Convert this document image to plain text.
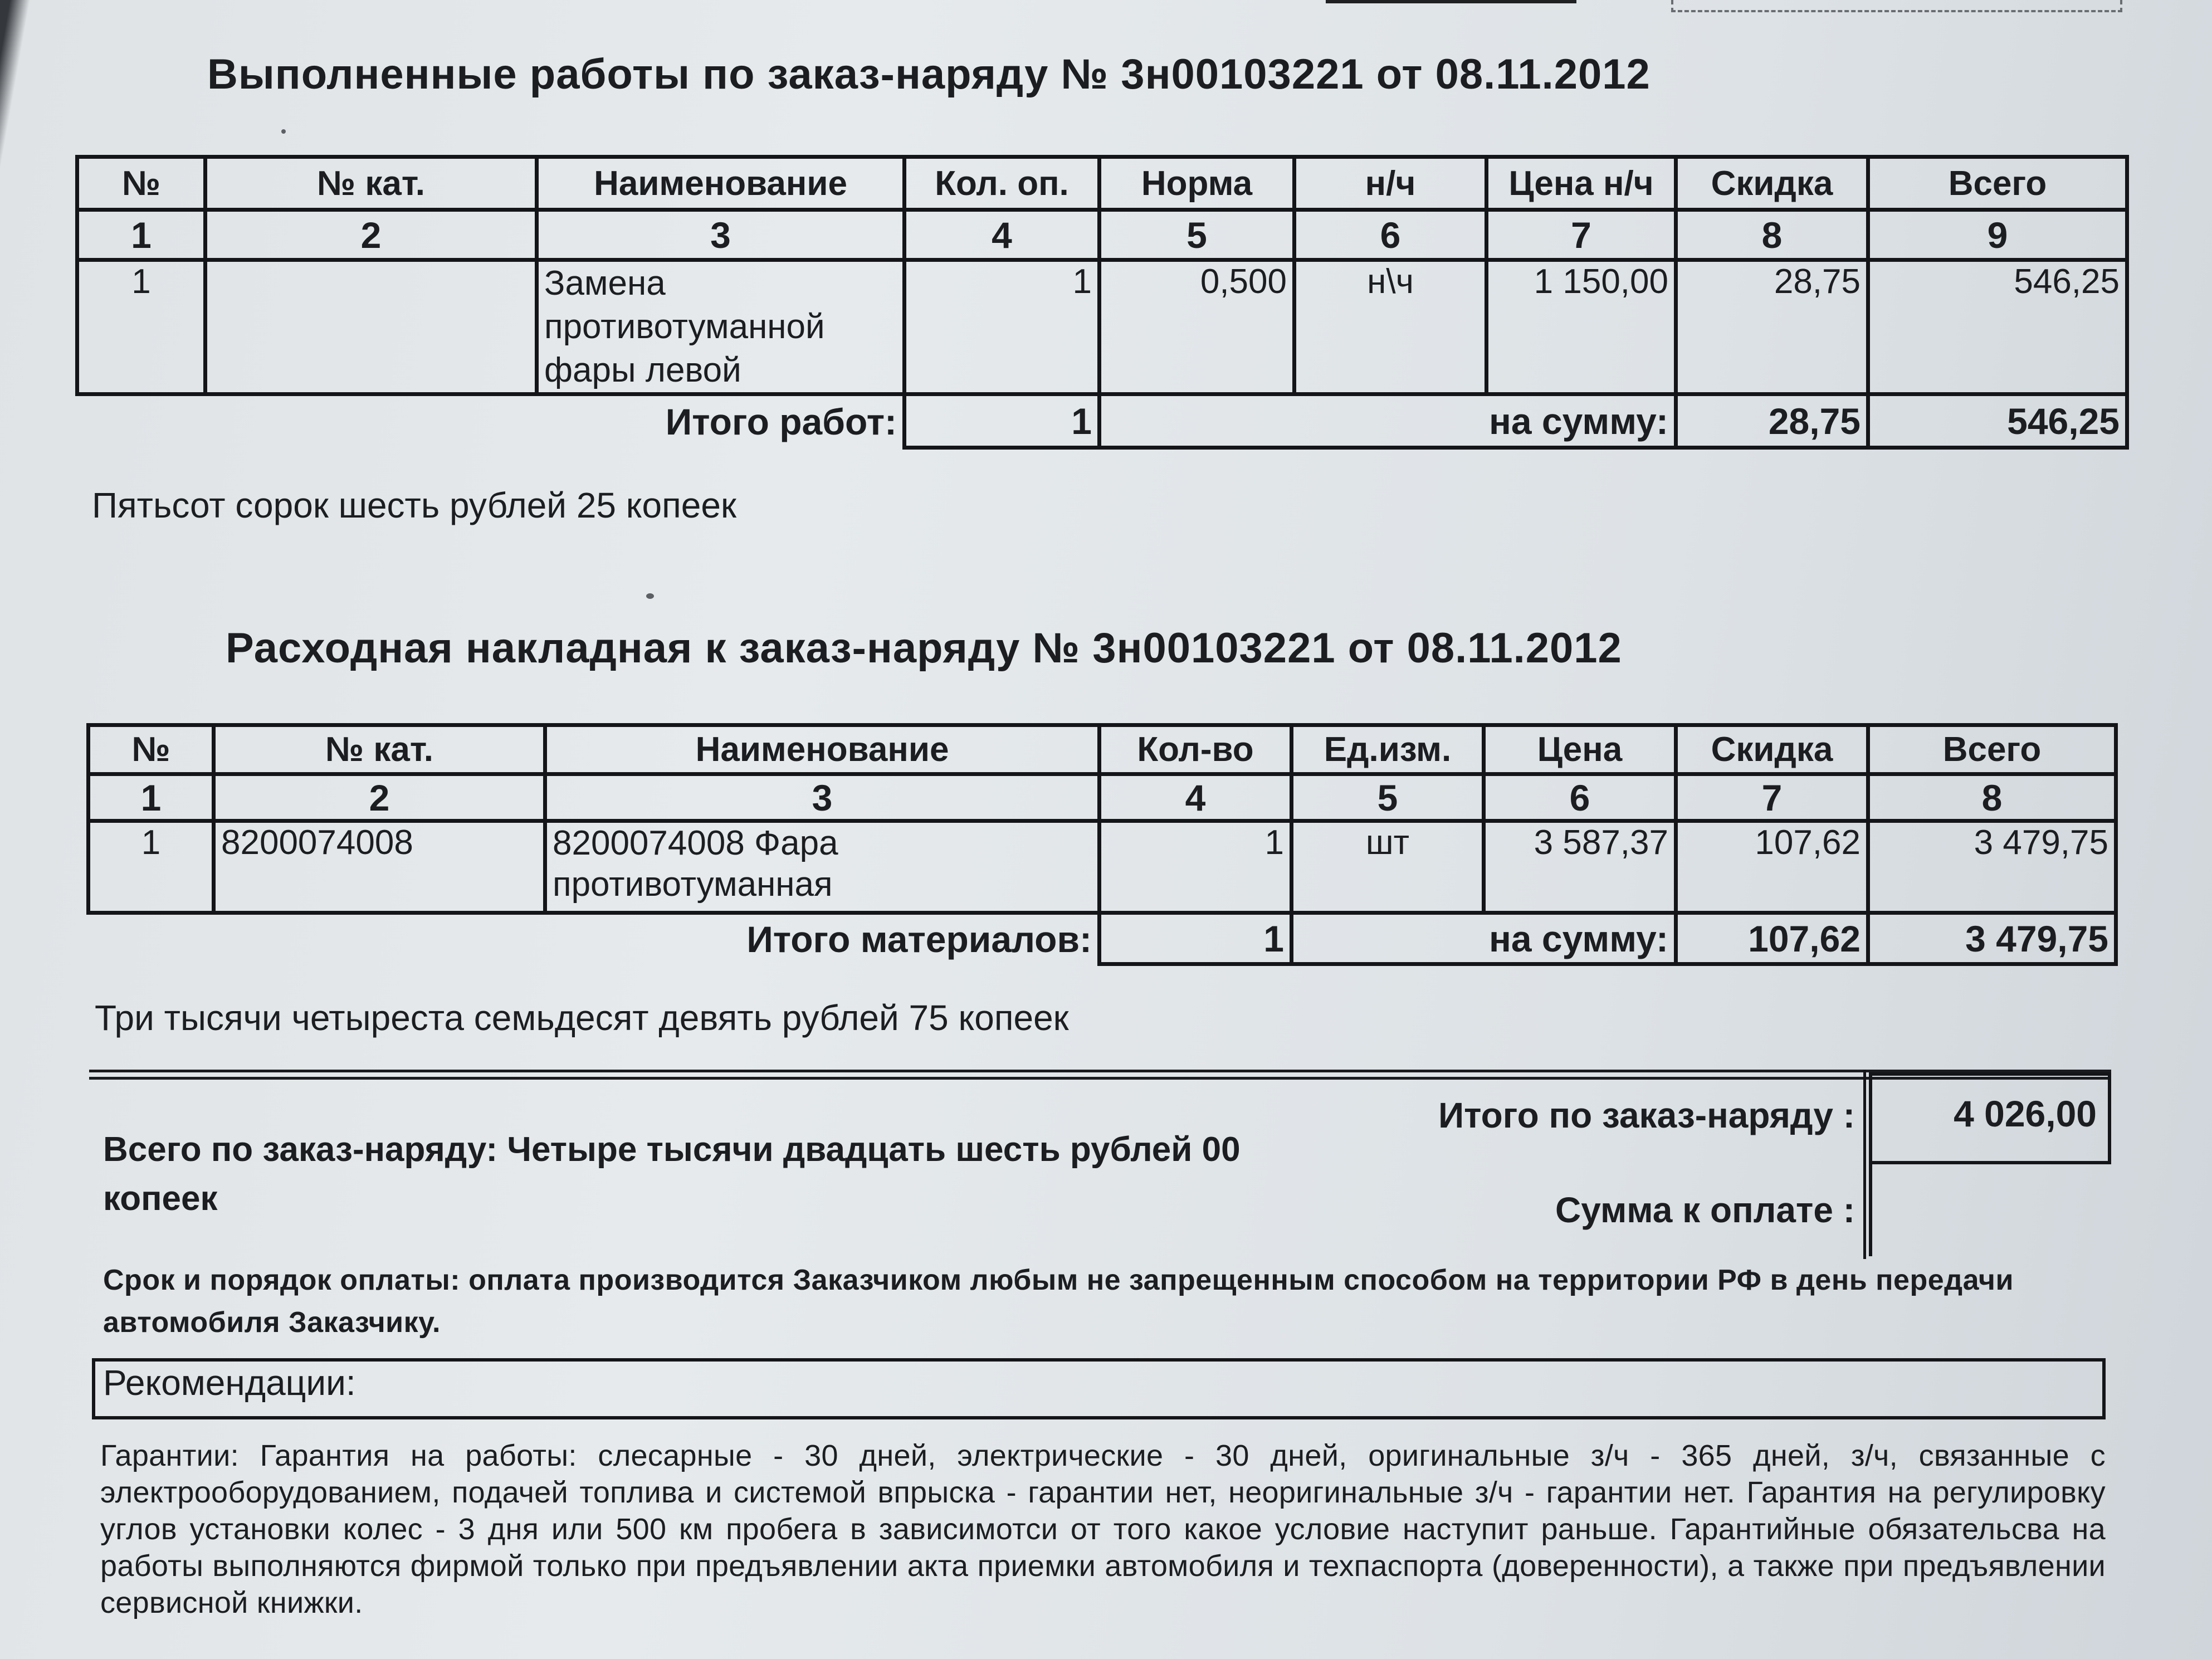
Выполненные работы по заказ-наряду № 3н00103221 от 08.11.2012
№	№ кат.	Наименование	Кол. оп.	Норма	н/ч	Цена н/ч	Скидка	Всего
1	2	3	4	5	6	7	8	9
1		Замена противотуманной фары левой	1	0,500	н\ч	1 150,00	28,75	546,25
Итого работ:			1	на сумму:			28,75	546,25
Пятьсот сорок шесть рублей 25 копеек
Расходная накладная к заказ-наряду № 3н00103221 от 08.11.2012
№	№ кат.	Наименование	Кол-во	Ед.изм.	Цена	Скидка	Всего
1	2	3	4	5	6	7	8
1	8200074008	8200074008 Фара противотуманная	1	шт	3 587,37	107,62	3 479,75
Итого материалов:			1	на сумму:		107,62	3 479,75
Три тысячи четыреста семьдесят девять рублей 75 копеек
Всего по заказ-наряду: Четыре тысячи двадцать шесть рублей 00 копеек
Итого по заказ-наряду :	4 026,00
Сумма к оплате :
Срок и порядок оплаты: оплата производится Заказчиком любым не запрещенным способом на территории РФ в день передачи автомобиля Заказчику.
Рекомендации:
Гарантии: Гарантия на работы: слесарные - 30 дней, электрические - 30 дней, оригинальные з/ч - 365 дней, з/ч, связанные с электрооборудованием, подачей топлива и системой впрыска - гарантии нет, неоригинальные з/ч - гарантии нет. Гарантия на регулировку углов установки колес - 3 дня или 500 км пробега в зависимотси от того какое условие наступит раньше. Гарантийные обязательсва на работы выполняются фирмой только при предъявлении акта приемки автомобиля и техпаспорта (доверенности), а также при предъявлении сервисной книжки.
